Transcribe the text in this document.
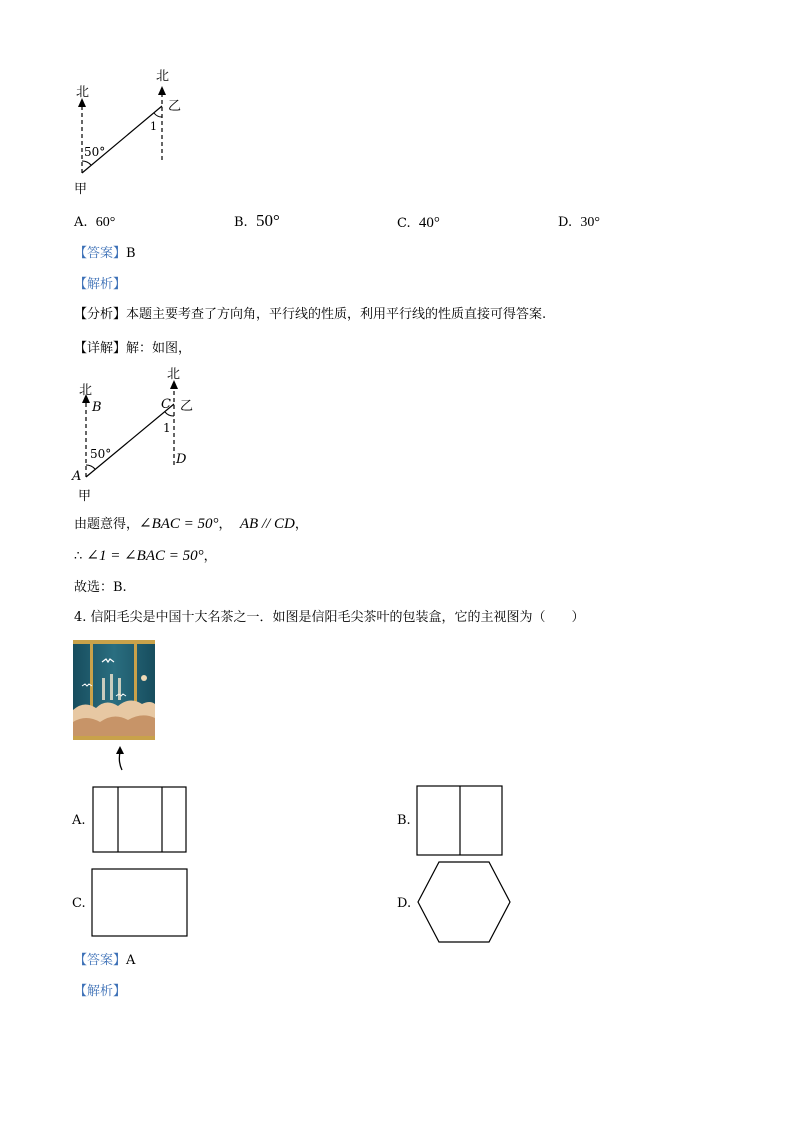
北
北
50°
1
乙
甲
A. 60°	B. 50°	C. 40°	D. 30°
【答案】B
【解析】
【分析】本题主要考查了方向角，平行线的性质，利用平行线的性质直接可得答案.
【详解】解：如图，
北
北
B	C 乙
1
50°
A
D
甲
由题意得，∠BAC = 50°， AB // CD，
∴ ∠1 = ∠BAC = 50°，
故选：B.
4. 信阳毛尖是中国十大名茶之一．如图是信阳毛尖茶叶的包装盒，它的主视图为（　　）
A.	B.
C.	D.
【答案】A
【解析】
